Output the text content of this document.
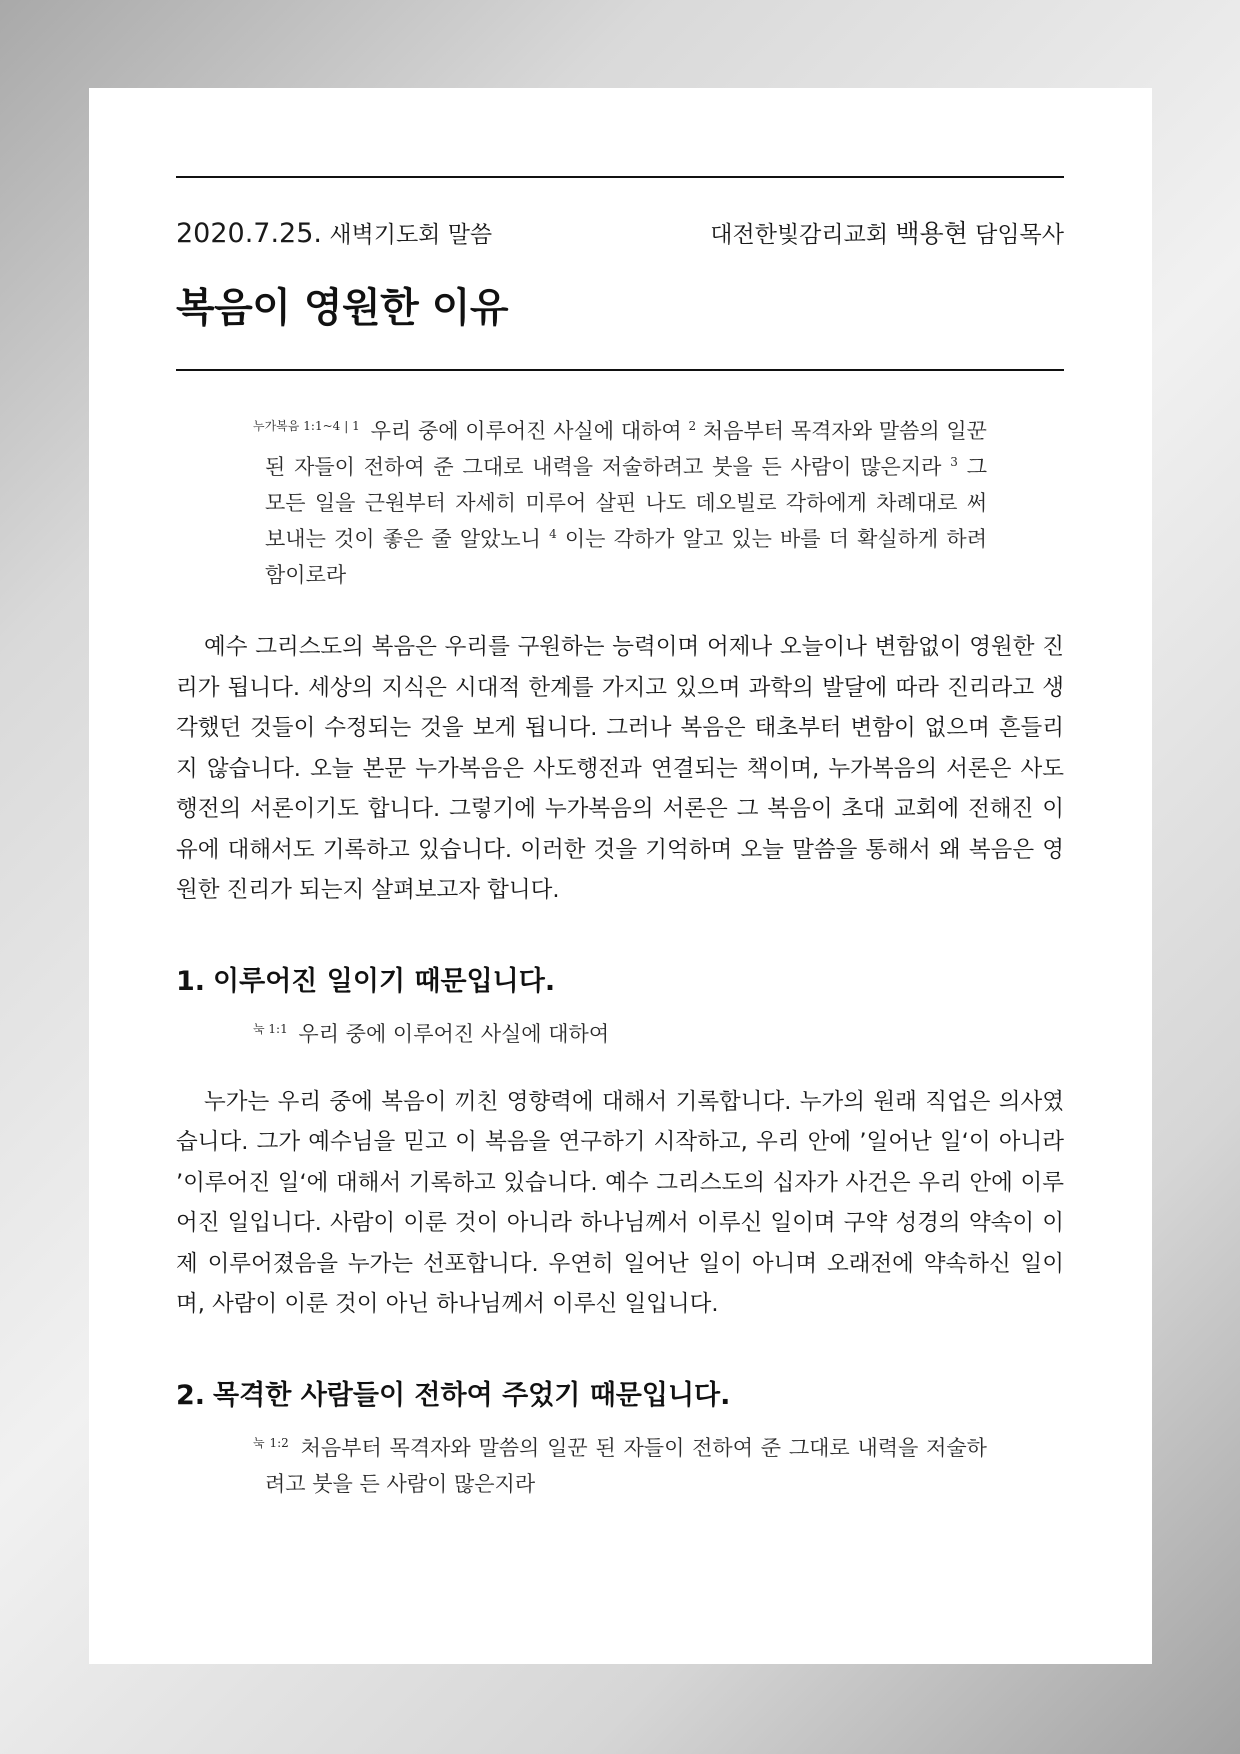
2020.7.25. 새벽기도회 말씀	대전한빛감리교회 백용현 담임목사
복음이 영원한 이유
$^{누가복음 1:1\sim 4 | 1}$ 우리 중에 이루어진 사실에 대하여 $^2$ 처음부터 목격자와 말씀의 일꾼 된 자들이 전하여 준 그대로 내력을 저술하려고 붓을 든 사람이 많은지라 $^3$ 그 모든 일을 근원부터 자세히 미루어 살핀 나도 데오빌로 각하에게 차례대로 써 보내는 것이 좋은 줄 알았노니 $^4$ 이는 각하가 알고 있는 바를 더 확실하게 하려 함이로라

예수 그리스도의 복음은 우리를 구원하는 능력이며 어제나 오늘이나 변함없이 영원한 진리가 됩니다. 세상의 지식은 시대적 한계를 가지고 있으며 과학의 발달에 따라 진리라고 생각했던 것들이 수정되는 것을 보게 됩니다. 그러나 복음은 태초부터 변함이 없으며 흔들리지 않습니다. 오늘 본문 누가복음은 사도행전과 연결되는 책이며, 누가복음의 서론은 사도행전의 서론이기도 합니다. 그렇기에 누가복음의 서론은 그 복음이 초대 교회에 전해진 이유에 대해서도 기록하고 있습니다. 이러한 것을 기억하며 오늘 말씀을 통해서 왜 복음은 영원한 진리가 되는지 살펴보고자 합니다.

1. 이루어진 일이기 때문입니다.
$^{눅 1:1}$ 우리 중에 이루어진 사실에 대하여

누가는 우리 중에 복음이 끼친 영향력에 대해서 기록합니다. 누가의 원래 직업은 의사였습니다. 그가 예수님을 믿고 이 복음을 연구하기 시작하고, 우리 안에 ’일어난 일‘이 아니라 ’이루어진 일‘에 대해서 기록하고 있습니다. 예수 그리스도의 십자가 사건은 우리 안에 이루어진 일입니다. 사람이 이룬 것이 아니라 하나님께서 이루신 일이며 구약 성경의 약속이 이제 이루어졌음을 누가는 선포합니다. 우연히 일어난 일이 아니며 오래전에 약속하신 일이며, 사람이 이룬 것이 아닌 하나님께서 이루신 일입니다.

2. 목격한 사람들이 전하여 주었기 때문입니다.
$^{눅 1:2}$ 처음부터 목격자와 말씀의 일꾼 된 자들이 전하여 준 그대로 내력을 저술하려고 붓을 든 사람이 많은지라
